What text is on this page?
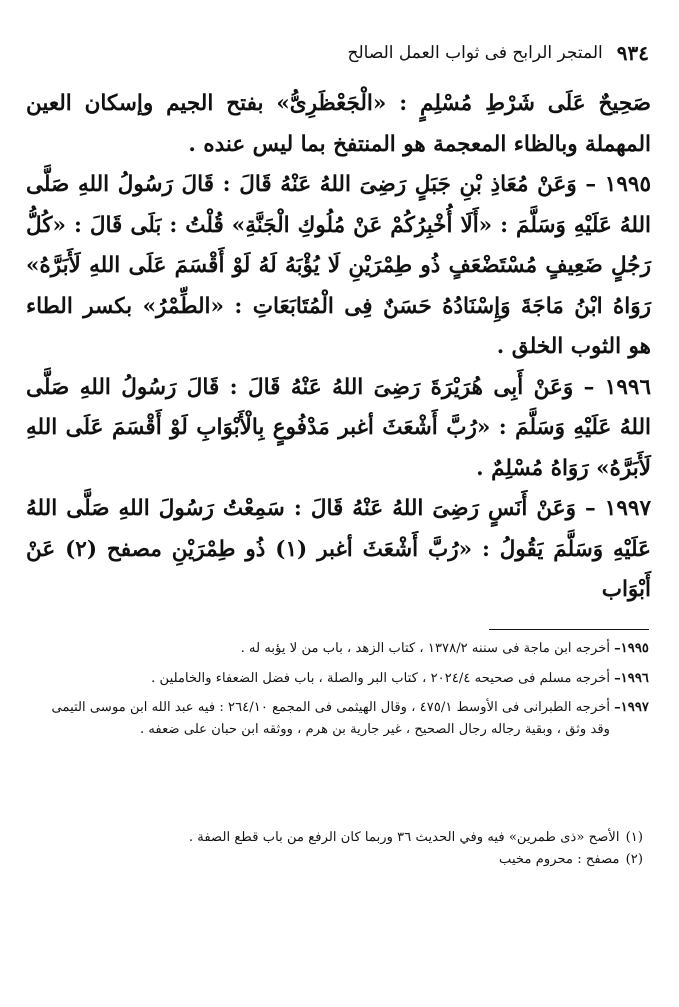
٩٣٤
المتجر الرابح فى ثواب العمل الصالح

صَحِيحٌ عَلَى شَرْطِ مُسْلِمٍ : «الْجَعْظَرِىُّ» بفتح الجيم وإسكان العين المهملة وبالظاء المعجمة هو المنتفخ بما ليس عنده .

١٩٩٥ – وَعَنْ مُعَاذِ بْنِ جَبَلٍ رَضِىَ اللهُ عَنْهُ قَالَ : قَالَ رَسُولُ اللهِ صَلَّى اللهُ عَلَيْهِ وَسَلَّمَ : «أَلَا أُخْبِرُكُمْ عَنْ مُلُوكِ الْجَنَّةِ» قُلْتُ : بَلَى قَالَ : «كُلُّ رَجُلٍ ضَعِيفٍ مُسْتَضْعَفٍ ذُو طِمْرَيْنِ لَا يُؤْبَهُ لَهُ لَوْ أَقْسَمَ عَلَى اللهِ لَأَبَرَّهُ» رَوَاهُ ابْنُ مَاجَةَ وَإِسْنَادُهُ حَسَنٌ فِى الْمُتَابَعَاتِ : «الطِّمْرُ» بكسر الطاء هو الثوب الخلق .

١٩٩٦ – وَعَنْ أَبِى هُرَيْرَةَ رَضِىَ اللهُ عَنْهُ قَالَ : قَالَ رَسُولُ اللهِ صَلَّى اللهُ عَلَيْهِ وَسَلَّمَ : «رُبَّ أَشْعَثَ أغبر مَدْفُوعٍ بِالْأَبْوَابِ لَوْ أَقْسَمَ عَلَى اللهِ لَأَبَرَّهُ» رَوَاهُ مُسْلِمٌ .

١٩٩٧ – وَعَنْ أَنَسٍ رَضِىَ اللهُ عَنْهُ قَالَ : سَمِعْتُ رَسُولَ اللهِ صَلَّى اللهُ عَلَيْهِ وَسَلَّمَ يَقُولُ : «رُبَّ أَشْعَثَ أغبر (١) ذُو طِمْرَيْنِ مصفح (٢) عَنْ أَبْوَاب

١٩٩٥–
أخرجه ابن ماجة فى سننه ١٣٧٨/٢ ، كتاب الزهد ، باب من لا يؤبه له .
١٩٩٦–
أخرجه مسلم فى صحيحه ٢٠٢٤/٤ ، كتاب البر والصلة ، باب فضل الضعفاء والخاملين .
١٩٩٧–
أخرجه الطبرانى فى الأوسط ٤٧٥/١ ، وقال الهيثمى فى المجمع ٢٦٤/١٠ : فيه عبد الله ابن موسى التيمى وقد وثق ، وبقية رجاله رجال الصحيح ، غير جارية بن هرم ، ووثقه ابن حبان على ضعفه .
(١)
الأصح «ذى طمرين» فيه وفي الحديث ٣٦ وربما كان الرفع من باب قطع الصفة .
(٢)
مصفح : محروم مخيب
